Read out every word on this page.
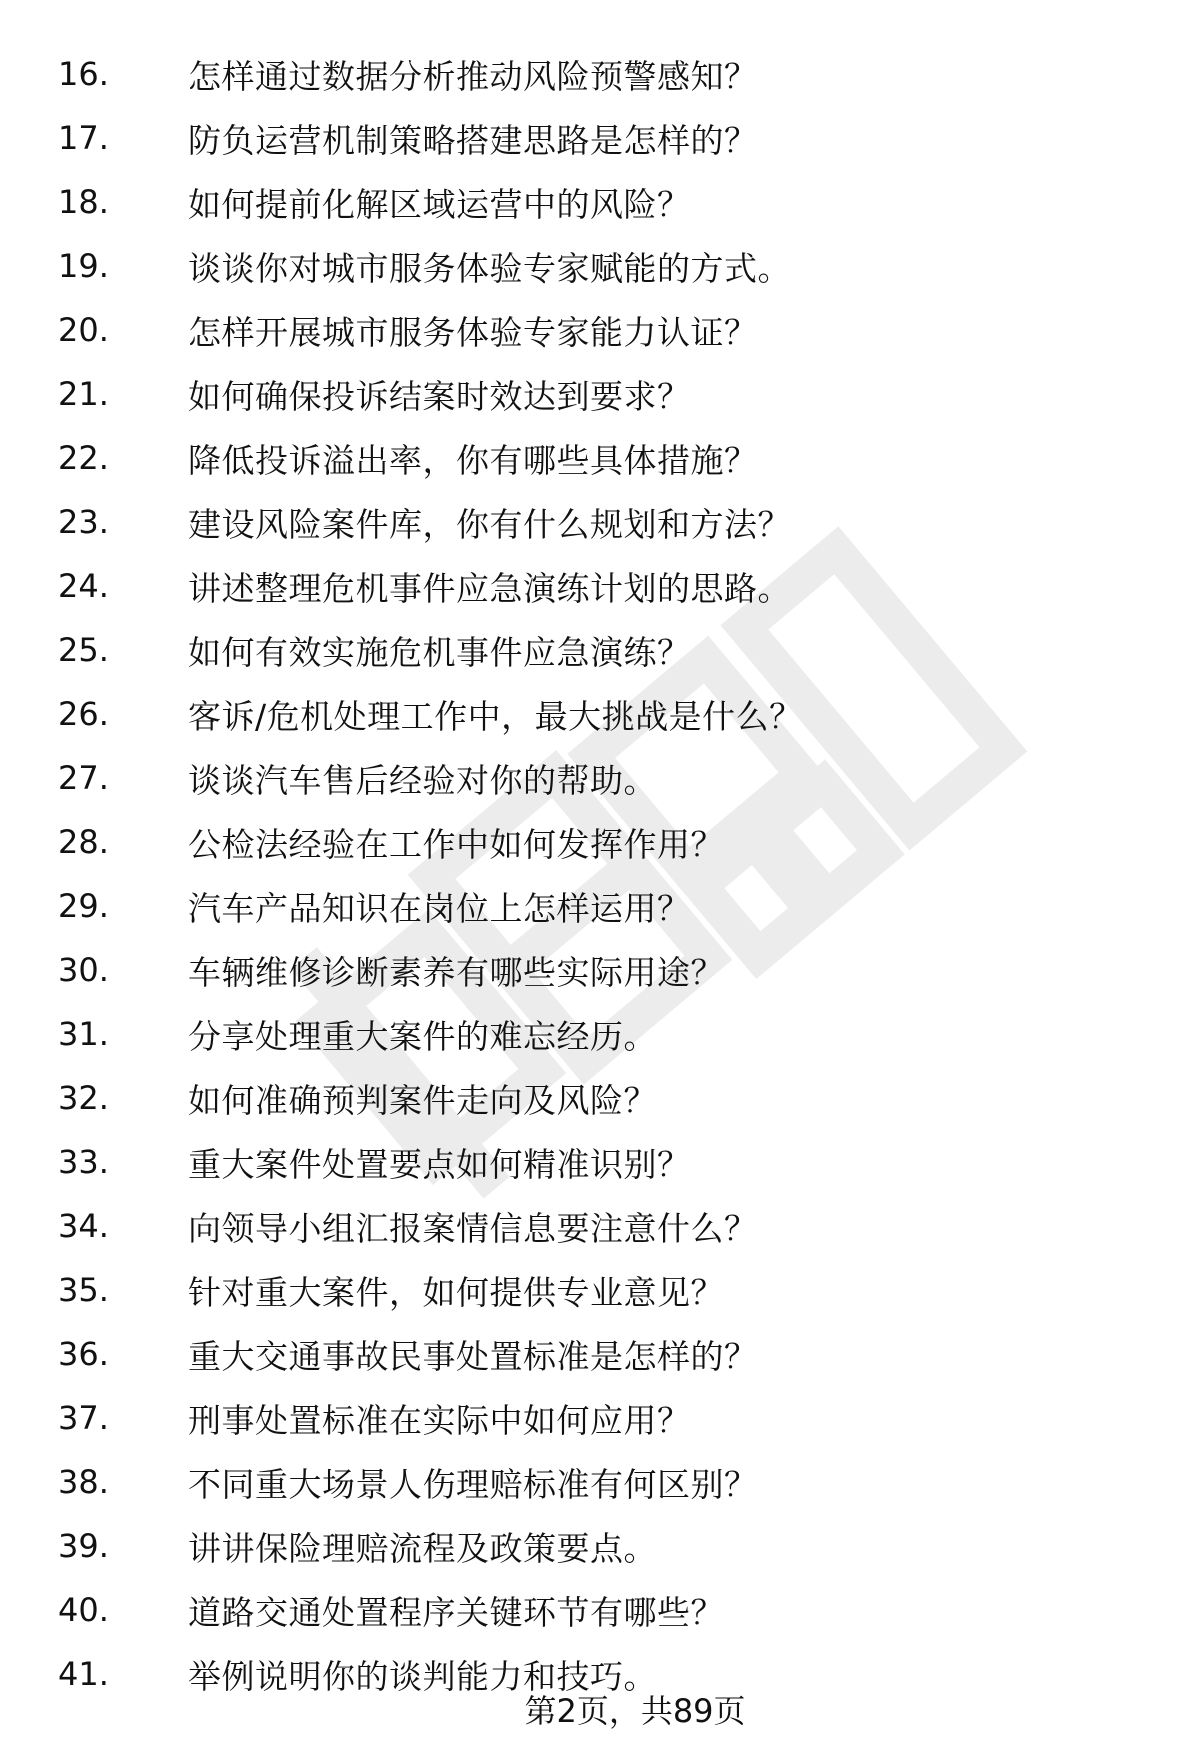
16.	怎样通过数据分析推动风险预警感知？
17.	防负运营机制策略搭建思路是怎样的？
18.	如何提前化解区域运营中的风险？
19.	谈谈你对城市服务体验专家赋能的方式。
20.	怎样开展城市服务体验专家能力认证？
21.	如何确保投诉结案时效达到要求？
22.	降低投诉溢出率，你有哪些具体措施？
23.	建设风险案件库，你有什么规划和方法？
24.	讲述整理危机事件应急演练计划的思路。
25.	如何有效实施危机事件应急演练？
26.	客诉/危机处理工作中，最大挑战是什么？
27.	谈谈汽车售后经验对你的帮助。
28.	公检法经验在工作中如何发挥作用？
29.	汽车产品知识在岗位上怎样运用？
30.	车辆维修诊断素养有哪些实际用途？
31.	分享处理重大案件的难忘经历。
32.	如何准确预判案件走向及风险？
33.	重大案件处置要点如何精准识别？
34.	向领导小组汇报案情信息要注意什么？
35.	针对重大案件，如何提供专业意见？
36.	重大交通事故民事处置标准是怎样的？
37.	刑事处置标准在实际中如何应用？
38.	不同重大场景人伤理赔标准有何区别？
39.	讲讲保险理赔流程及政策要点。
40.	道路交通处置程序关键环节有哪些？
41.	举例说明你的谈判能力和技巧。
第2页，共89页
